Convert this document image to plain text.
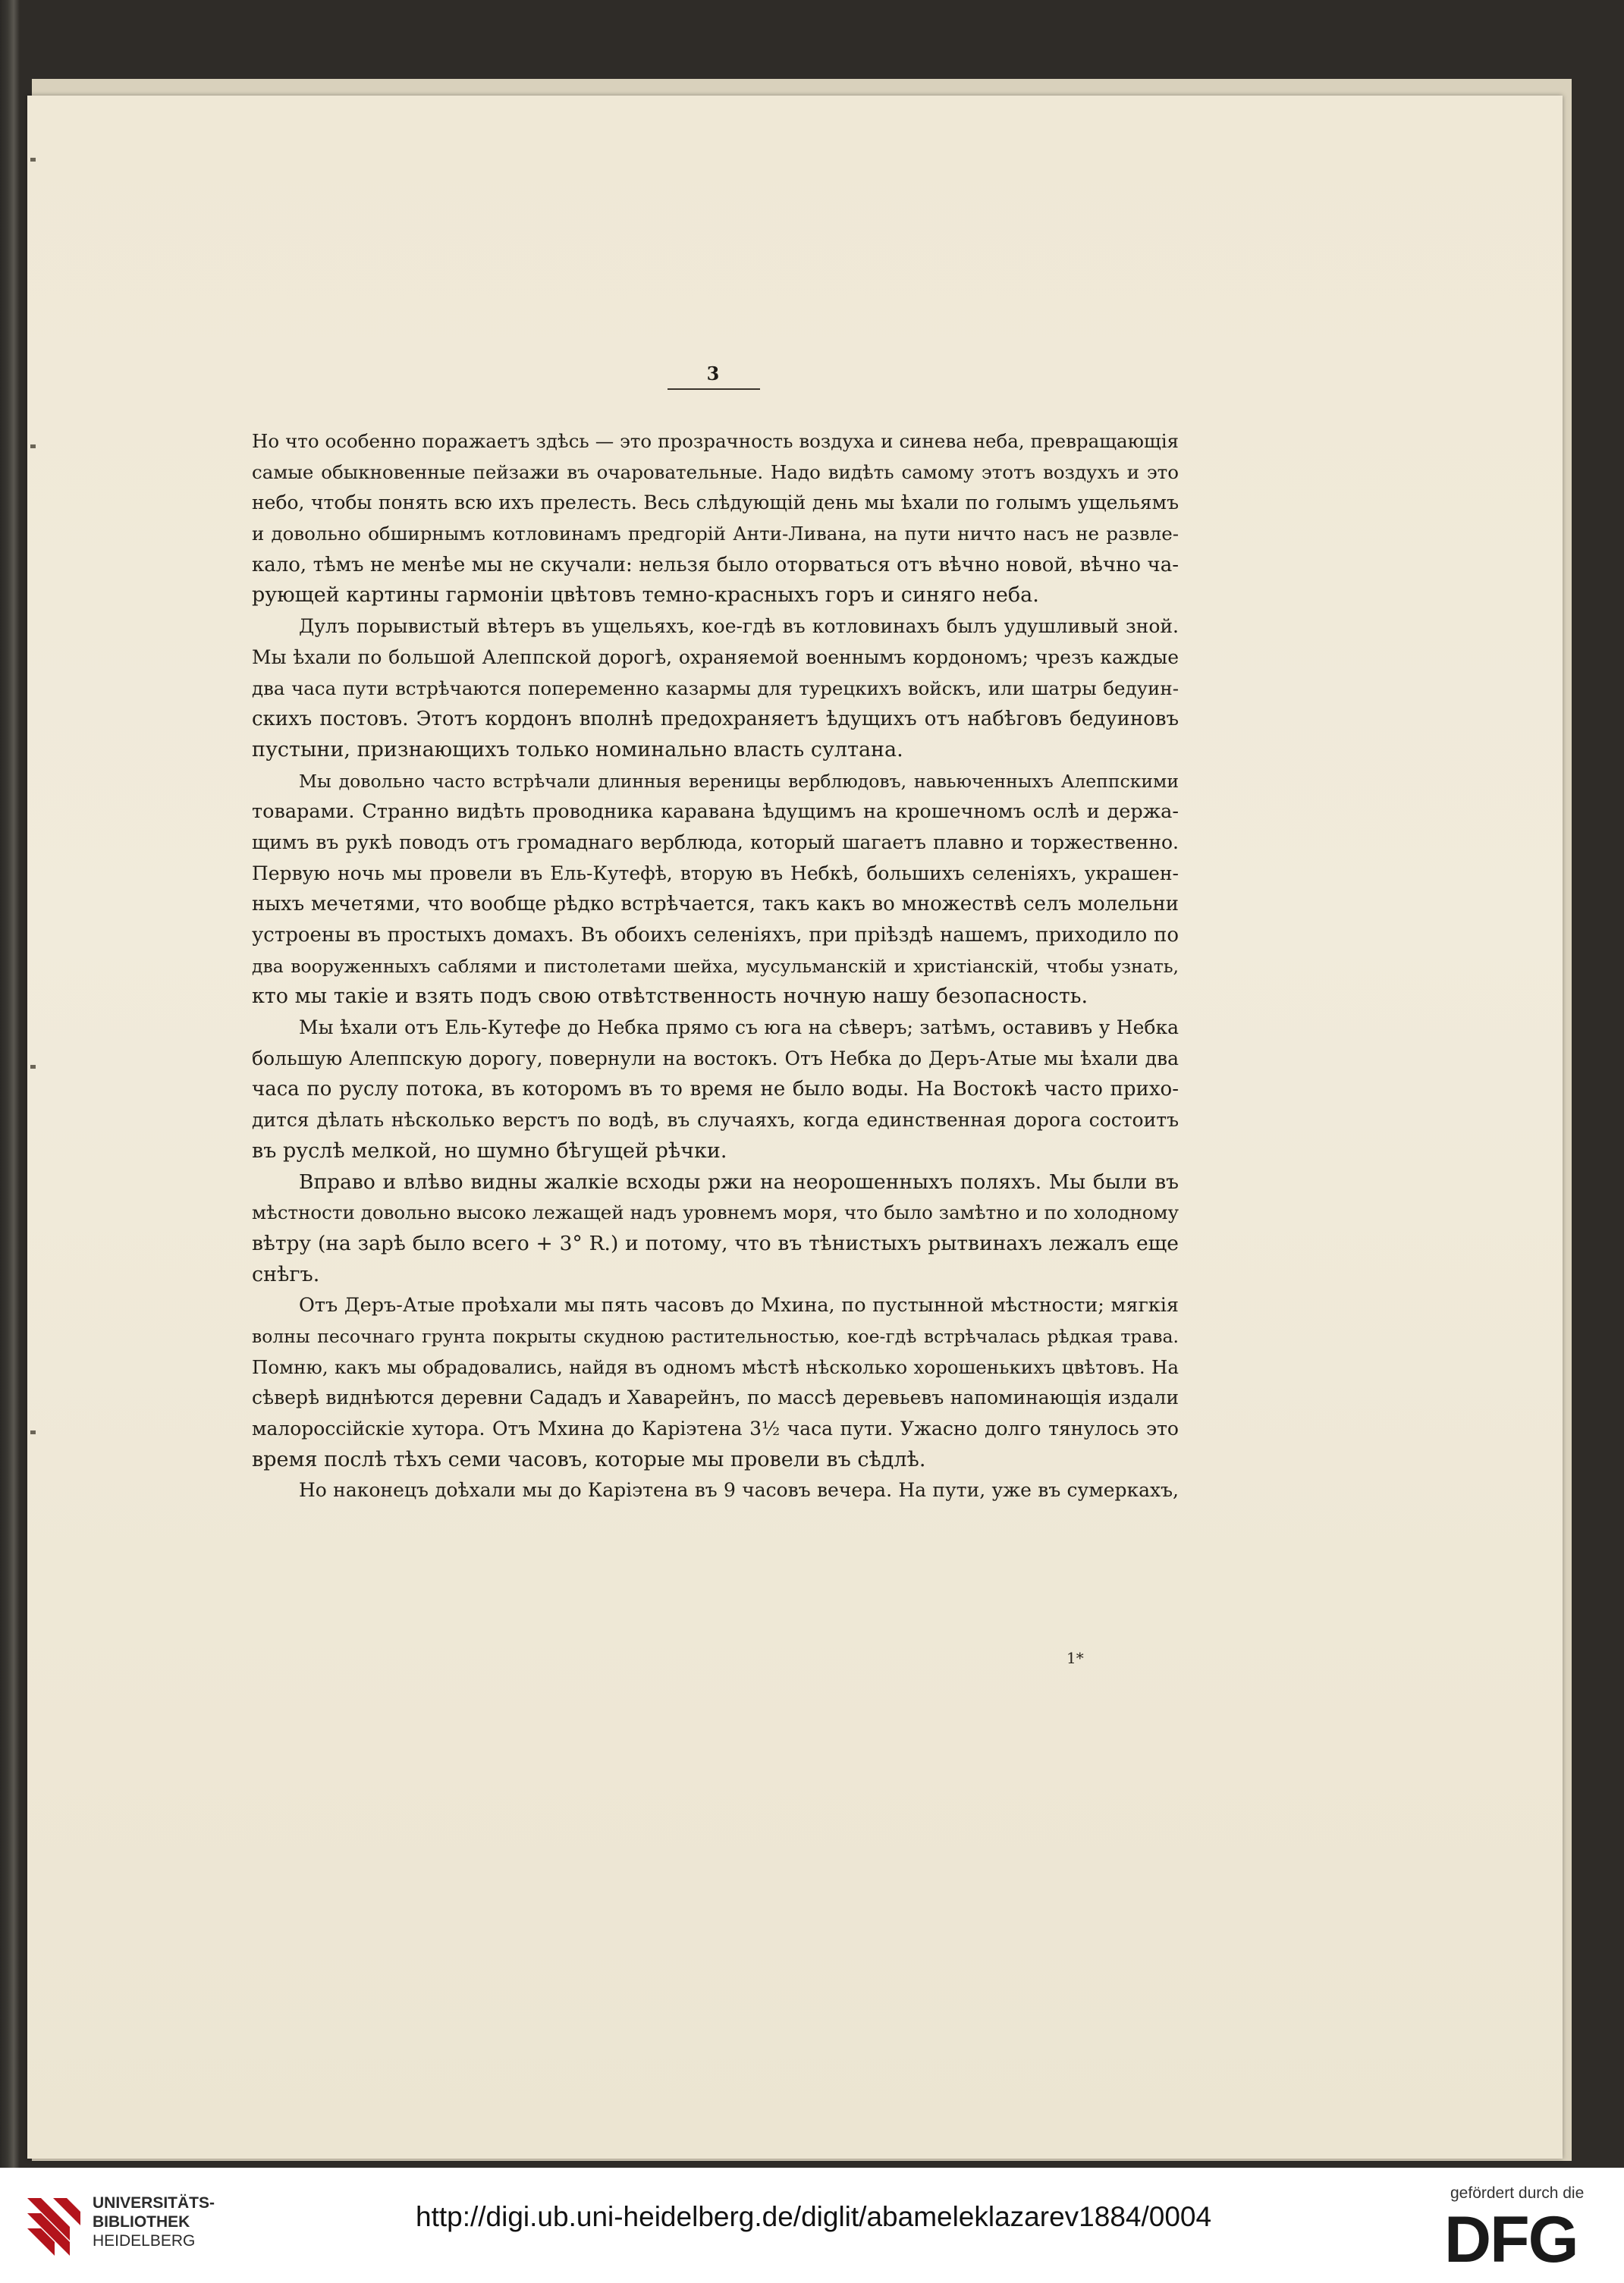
3
Но что особенно поражаетъ здѣсь — это прозрачность воздуха и синева неба, превращающія
самые обыкновенные пейзажи въ очаровательные. Надо видѣть самому этотъ воздухъ и это
небо, чтобы понять всю ихъ прелесть. Весь слѣдующій день мы ѣхали по голымъ ущельямъ
и довольно обширнымъ котловинамъ предгорій Анти-Ливана, на пути ничто насъ не развле-
кало, тѣмъ не менѣе мы не скучали: нельзя было оторваться отъ вѣчно новой, вѣчно ча-
рующей картины гармоніи цвѣтовъ темно-красныхъ горъ и синяго неба.
Дулъ порывистый вѣтеръ въ ущельяхъ, кое-гдѣ въ котловинахъ былъ удушливый зной.
Мы ѣхали по большой Алеппской дорогѣ, охраняемой военнымъ кордономъ; чрезъ каждые
два часа пути встрѣчаются попеременно казармы для турецкихъ войскъ, или шатры бедуин-
скихъ постовъ. Этотъ кордонъ вполнѣ предохраняетъ ѣдущихъ отъ набѣговъ бедуиновъ
пустыни, признающихъ только номинально власть султана.
Мы довольно часто встрѣчали длинныя вереницы верблюдовъ, навьюченныхъ Алеппскими
товарами. Странно видѣть проводника каравана ѣдущимъ на крошечномъ ослѣ и держа-
щимъ въ рукѣ поводъ отъ громаднаго верблюда, который шагаетъ плавно и торжественно.
Первую ночь мы провели въ Ель-Кутефѣ, вторую въ Небкѣ, большихъ селеніяхъ, украшен-
ныхъ мечетями, что вообще рѣдко встрѣчается, такъ какъ во множествѣ селъ молельни
устроены въ простыхъ домахъ. Въ обоихъ селеніяхъ, при пріѣздѣ нашемъ, приходило по
два вооруженныхъ саблями и пистолетами шейха, мусульманскій и христіанскій, чтобы узнать,
кто мы такіе и взять подъ свою отвѣтственность ночную нашу безопасность.
Мы ѣхали отъ Ель-Кутефе до Небка прямо съ юга на сѣверъ; затѣмъ, оставивъ у Небка
большую Алеппскую дорогу, повернули на востокъ. Отъ Небка до Деръ-Атые мы ѣхали два
часа по руслу потока, въ которомъ въ то время не было воды. На Востокѣ часто прихо-
дится дѣлать нѣсколько верстъ по водѣ, въ случаяхъ, когда единственная дорога состоитъ
въ руслѣ мелкой, но шумно бѣгущей рѣчки.
Вправо и влѣво видны жалкіе всходы ржи на неорошенныхъ поляхъ. Мы были въ
мѣстности довольно высоко лежащей надъ уровнемъ моря, что было замѣтно и по холодному
вѣтру (на зарѣ было всего + 3° R.) и потому, что въ тѣнистыхъ рытвинахъ лежалъ еще
снѣгъ.
Отъ Деръ-Атые проѣхали мы пять часовъ до Мхина, по пустынной мѣстности; мягкія
волны песочнаго грунта покрыты скудною растительностью, кое-гдѣ встрѣчалась рѣдкая трава.
Помню, какъ мы обрадовались, найдя въ одномъ мѣстѣ нѣсколько хорошенькихъ цвѣтовъ. На
сѣверѣ виднѣются деревни Сададъ и Хаварейнъ, по массѣ деревьевъ напоминающія издали
малороссійскіе хутора. Отъ Мхина до Каріэтена 3½ часа пути. Ужасно долго тянулось это
время послѣ тѣхъ семи часовъ, которые мы провели въ сѣдлѣ.
Но наконецъ доѣхали мы до Каріэтена въ 9 часовъ вечера. На пути, уже въ сумеркахъ,
1*
UNIVERSITÄTS-
BIBLIOTHEK
HEIDELBERG
http://digi.ub.uni-heidelberg.de/diglit/abameleklazarev1884/0004
gefördert durch die
DFG
